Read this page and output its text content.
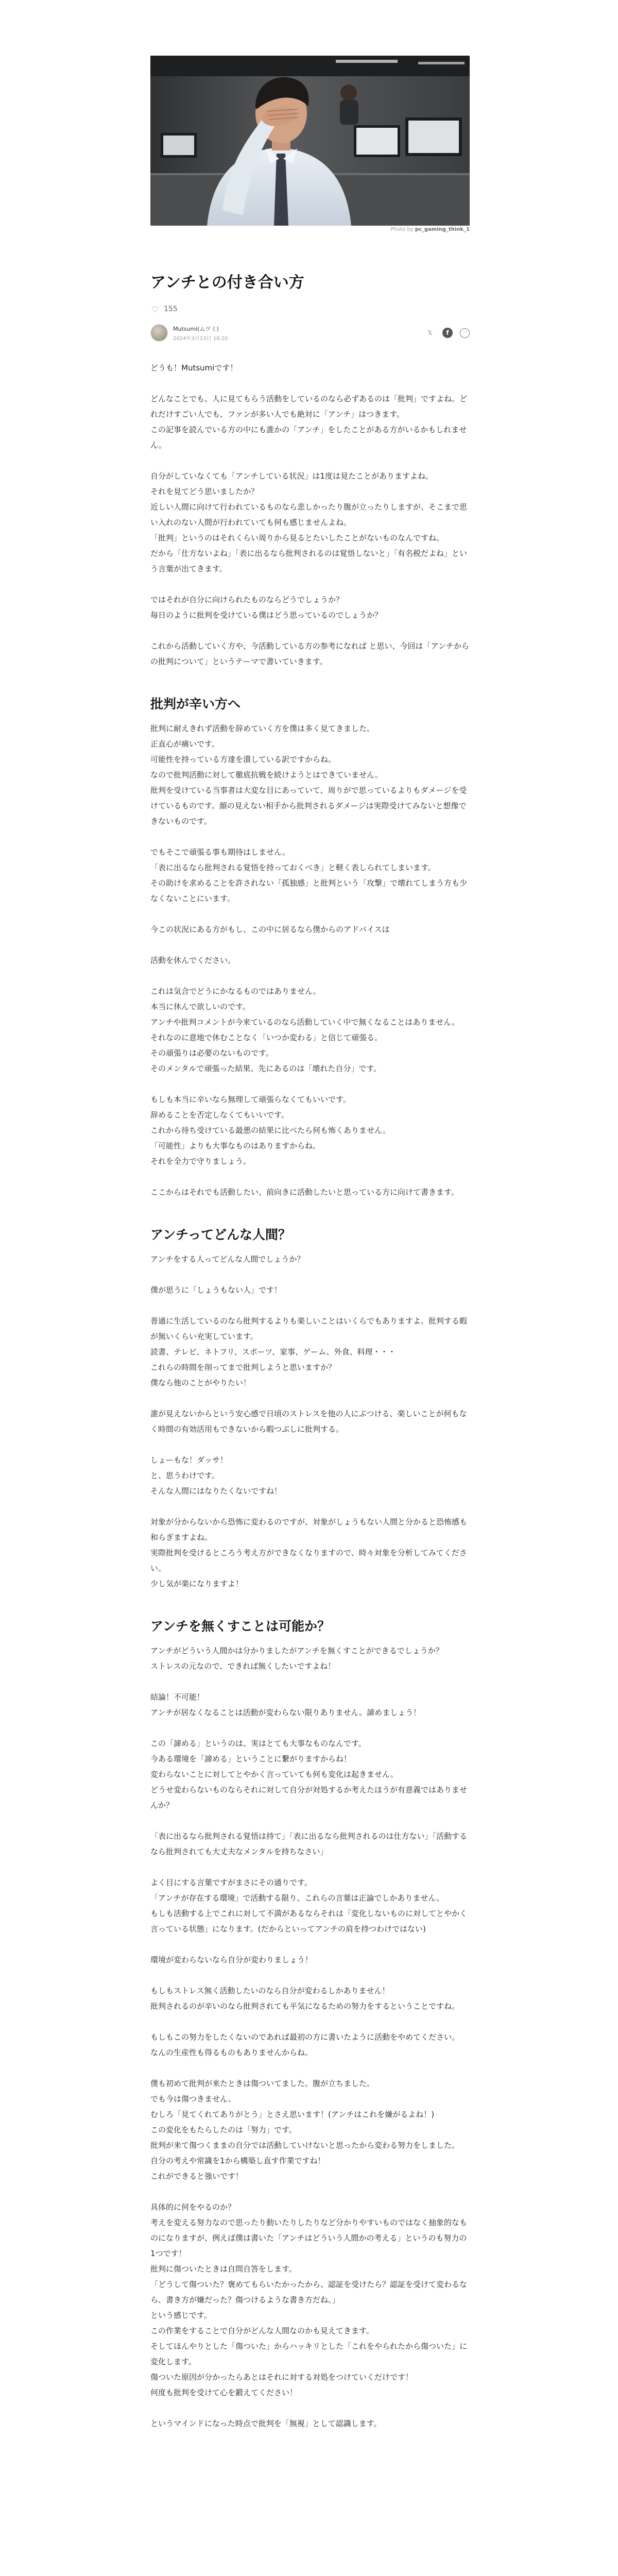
Photo by pc_gaming_think_1
アンチとの付き合い方
♡ 155
Mutsumi(ムツミ)
2024年3月13日 18:20
𝕏	f	⋯

どうも！Mutsumiです！

どんなことでも、人に見てもらう活動をしているのなら必ずあるのは「批判」ですよね。どれだけすごい人でも、ファンが多い人でも絶対に「アンチ」はつきます。
この記事を読んでいる方の中にも誰かの「アンチ」をしたことがある方がいるかもしれません。

自分がしていなくても「アンチしている状況」は1度は見たことがありますよね。
それを見てどう思いましたか？
近しい人間に向けて行われているものなら悲しかったり腹が立ったりしますが、そこまで思い入れのない人間が行われていても何も感じませんよね。
「批判」というのはそれくらい周りから見るとたいしたことがないものなんですね。
だから「仕方ないよね」「表に出るなら批判されるのは覚悟しないと」「有名税だよね」という言葉が出てきます。

ではそれが自分に向けられたものならどうでしょうか？
毎日のように批判を受けている僕はどう思っているのでしょうか？

これから活動していく方や、今活動している方の参考になれば と思い、今回は「アンチからの批判について」というテーマで書いていきます。

批判が辛い方へ

批判に耐えきれず活動を辞めていく方を僕は多く見てきました。
正直心が痛いです。
可能性を持っている方達を潰している訳ですからね。
なので批判活動に対して徹底抗戦を続けようとはできていません。
批判を受けている当事者は大変な目にあっていて、周りがで思っているよりもダメージを受けているものです。顔の見えない相手から批判されるダメージは実際受けてみないと想像できないものです。

でもそこで頑張る事も期待はしません。
「表に出るなら批判される覚悟を持っておくべき」と軽く表しられてしまいます。
その助けを求めることを許されない「孤独感」と批判という「攻撃」で壊れてしまう方も少なくないことにいます。

今この状況にある方がもし、この中に居るなら僕からのアドバイスは

活動を休んでください。

これは気合でどうにかなるものではありません。
本当に休んで欲しいのです。
アンチや批判コメントが今来ているのなら活動していく中で無くなることはありません。
それなのに意地で休むことなく「いつか変わる」と信じて頑張る。
その頑張りは必要のないものです。
そのメンタルで頑張った結果、先にあるのは「壊れた自分」です。

もしも本当に辛いなら無理して頑張らなくてもいいです。
辞めることを否定しなくてもいいです。
これから待ち受けている最悪の結果に比べたら何も怖くありません。
「可能性」よりも大事なものはありますからね。
それを全力で守りましょう。

ここからはそれでも活動したい、前向きに活動したいと思っている方に向けて書きます。

アンチってどんな人間？

アンチをする人ってどんな人間でしょうか？

僕が思うに「しょうもない人」です！

普通に生活しているのなら批判するよりも楽しいことはいくらでもありますよ。批判する暇が無いくらい充実しています。
読書、テレビ、ネトフリ、スポーツ、家事、ゲーム、外食、料理・・・
これらの時間を削ってまで批判しようと思いますか？
僕なら他のことがやりたい！

誰が見えないからという安心感で日頃のストレスを他の人にぶつける、楽しいことが何もなく時間の有効活用もできないから暇つぶしに批判する。

しょーもな！ダッサ！
と、思うわけです。
そんな人間にはなりたくないですね！

対象が分からないから恐怖に変わるのですが、対象がしょうもない人間と分かると恐怖感も和らぎますよね。
実際批判を受けるところう考え方ができなくなりますので、時々対象を分析してみてください。
少し気が楽になりますよ！

アンチを無くすことは可能か？

アンチがどういう人間かは分かりましたがアンチを無くすことができるでしょうか？
ストレスの元なので、できれば無くしたいですよね！

結論！不可能！
アンチが居なくなることは活動が変わらない限りありません。諦めましょう！

この「諦める」というのは、実はとても大事なものなんです。
今ある環境を「諦める」ということに繋がりますからね！
変わらないことに対してとやかく言っていても何も変化は起きません。
どうせ変わらないものならそれに対して自分が対処するか考えたほうが有意義ではありませんか？

「表に出るなら批判される覚悟は持て」「表に出るなら批判されるのは仕方ない」「活動するなら批判されても大丈夫なメンタルを持ちなさい」

よく目にする言葉ですがまさにその通りです。
「アンチが存在する環境」で活動する限り、これらの言葉は正論でしかありません。
もしも活動する上でこれに対して不満があるならそれは「変化しないものに対してとやかく言っている状態」になります。(だからといってアンチの肩を持つわけではない)

環境が変わらないなら自分が変わりましょう！

もしもストレス無く活動したいのなら自分が変わるしかありません！
批判されるのが辛いのなら批判されても平気になるための努力をするということですね。

もしもこの努力をしたくないのであれば最初の方に書いたように活動をやめてください。
なんの生産性も得るものもありませんからね。

僕も初めて批判が来たときは傷ついてました。腹が立ちました。
でも今は傷つきません。
むしろ「見てくれてありがとう」とさえ思います！(アンチはこれを嫌がるよね！)
この変化をもたらしたのは「努力」です。
批判が来て傷つくままの自分では活動していけないと思ったから変わる努力をしました。
自分の考えや常識を1から構築し直す作業ですね！
これができると強いです！

具体的に何をやるのか？
考えを変える努力なので思ったり動いたりしたりなど分かりやすいものではなく抽象的なものになりますが、例えば僕は書いた「アンチはどういう人間かの考える」というのも努力の1つです！
批判に傷ついたときは自問自答をします。
「どうして傷ついた？褒めてもらいたかったから、認証を受けたら？認証を受けて変わるなら、書き方が嫌だった？傷つけるような書き方だね。」
という感じです。
この作業をすることで自分がどんな人間なのかも見えてきます。
そしてほんやりとした「傷ついた」からハッキリとした「これをやられたから傷ついた」に変化します。
傷ついた原因が分かったらあとはそれに対する対処をつけていくだけです！
何度も批判を受けて心を鍛えてください！

というマインドになった時点で批判を「無視」として認識します。
